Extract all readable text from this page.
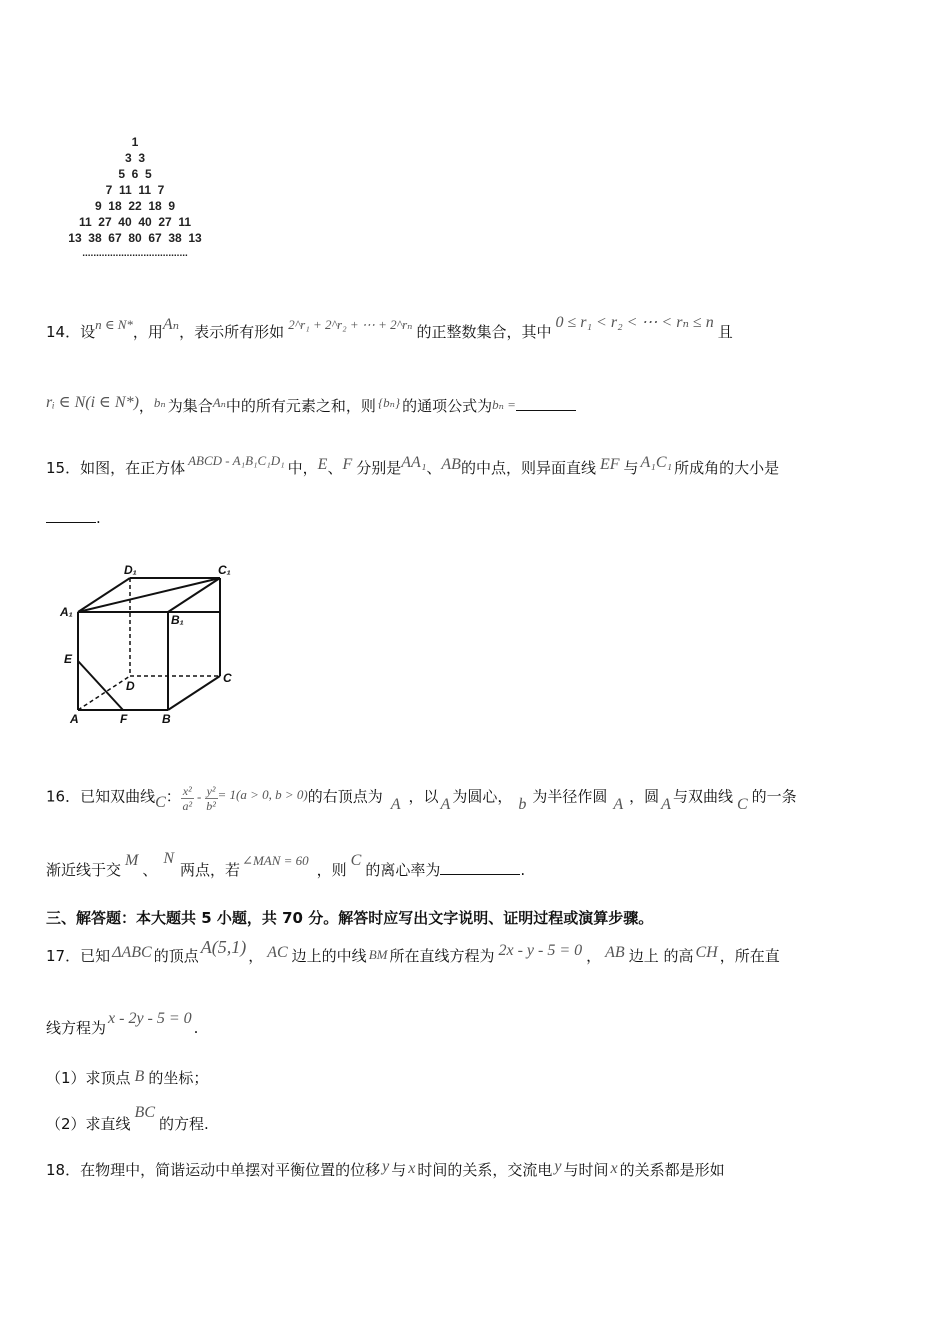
1
3  3
5  6  5
7  11  11  7
9  18  22  18  9
11  27  40  40  27  11
13  38  67  80  67  38  13
......................................
14．设n ∈ N*，用Aₙ，表示所有形如 2^r₁ + 2^r₂ + ⋯ + 2^rₙ 的正整数集合，其中0 ≤ r₁ < r₂ < ⋯ < rₙ ≤ n且
rᵢ ∈ N(i ∈ N*)，bₙ 为集合Aₙ中的所有元素之和，则 {bₙ} 的通项公式为bₙ =
15．如图，在正方体 ABCD - A₁B₁C₁D₁ 中，E、F 分别是AA₁、AB的中点，则异面直线 EF 与 A₁C₁ 所成角的大小是
.
D₁	C₁
A₁
B₁
E
D
C
A	F	B
16．已知双曲线C： $\frac{\text{x²}}{\text{a²}} - \frac{\text{y²}}{\text{b²}} = 1(a > 0$, b > 0)的右顶点为 A ，以 A 为圆心， b 为半径作圆 A ，圆 A 与双曲线 C 的一条
渐近线于交M、N两点，若∠MAN = 60，则C的离心率为	.
三、解答题：本大题共 5 小题，共 70 分。解答时应写出文字说明、证明过程或演算步骤。
17．已知 ΔABC 的顶点 A(5,1) ， AC 边上的中线 BM 所在直线方程为 2x - y - 5 = 0 ， AB 边上 的高 CH ，所在直
线方程为x - 2y - 5 = 0.
（1）求顶点 B 的坐标；
（2）求直线BC的方程.
18．在物理中，简谐运动中单摆对平衡位置的位移 y 与 x 时间的关系，交流电 y 与时间 x 的关系都是形如
